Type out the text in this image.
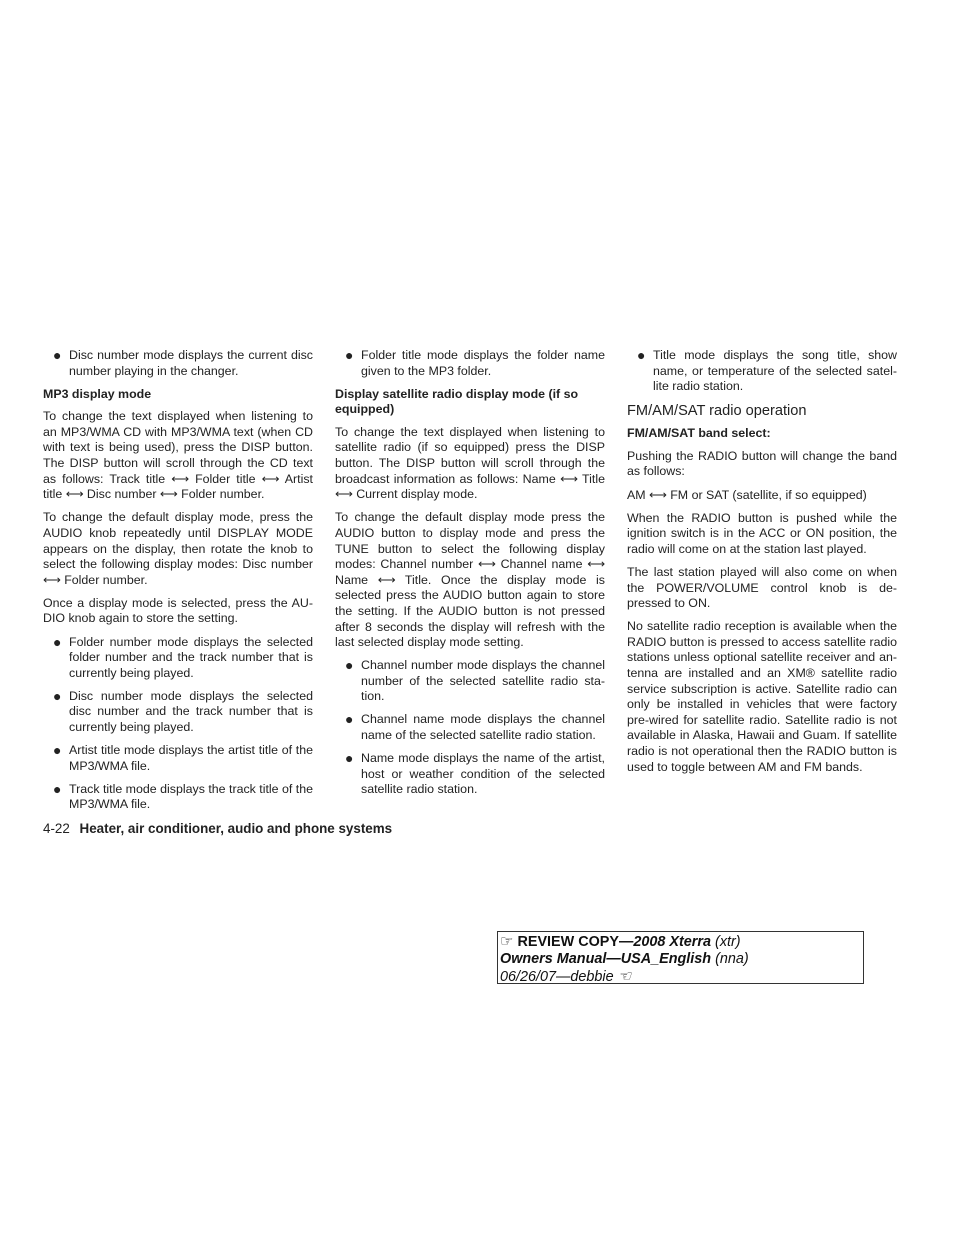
● Disc number mode displays the current disc number playing in the changer.
MP3 display mode
To change the text displayed when listening to an MP3/WMA CD with MP3/WMA text (when CD with text is being used), press the DISP button. The DISP button will scroll through the CD text as follows: Track title ⟷ Folder title ⟷ Artist title ⟷ Disc number ⟷ Folder number.
To change the default display mode, press the AUDIO knob repeatedly until DISPLAY MODE appears on the display, then rotate the knob to select the following display modes: Disc number ⟷ Folder number.
Once a display mode is selected, press the AU-DIO knob again to store the setting.
● Folder number mode displays the selected folder number and the track number that is currently being played.
● Disc number mode displays the selected disc number and the track number that is currently being played.
● Artist title mode displays the artist title of the MP3/WMA file.
● Track title mode displays the track title of the MP3/WMA file.
● Folder title mode displays the folder name given to the MP3 folder.
Display satellite radio display mode (if so equipped)
To change the text displayed when listening to satellite radio (if so equipped) press the DISP button. The DISP button will scroll through the broadcast information as follows: Name ⟷ Title ⟷ Current display mode.
To change the default display mode press the AUDIO button to display mode and press the TUNE button to select the following display modes: Channel number ⟷ Channel name ⟷ Name ⟷ Title. Once the display mode is selected press the AUDIO button again to store the setting. If the AUDIO button is not pressed after 8 seconds the display will refresh with the last selected display mode setting.
● Channel number mode displays the channel number of the selected satellite radio sta-tion.
● Channel name mode displays the channel name of the selected satellite radio station.
● Name mode displays the name of the artist, host or weather condition of the selected satellite radio station.
● Title mode displays the song title, show name, or temperature of the selected satel-lite radio station.
FM/AM/SAT radio operation
FM/AM/SAT band select:
Pushing the RADIO button will change the band as follows:
AM ⟷ FM or SAT (satellite, if so equipped)
When the RADIO button is pushed while the ignition switch is in the ACC or ON position, the radio will come on at the station last played.
The last station played will also come on when the POWER/VOLUME control knob is de-pressed to ON.
No satellite radio reception is available when the RADIO button is pressed to access satellite radio stations unless optional satellite receiver and an-tenna are installed and an XM® satellite radio service subscription is active. Satellite radio can only be installed in vehicles that were factory pre-wired for satellite radio. Satellite radio is not available in Alaska, Hawaii and Guam. If satellite radio is not operational then the RADIO button is used to toggle between AM and FM bands.
4-22 Heater, air conditioner, audio and phone systems
☞ REVIEW COPY—2008 Xterra (xtr)
Owners Manual—USA_English (nna)
06/26/07—debbie ☜
